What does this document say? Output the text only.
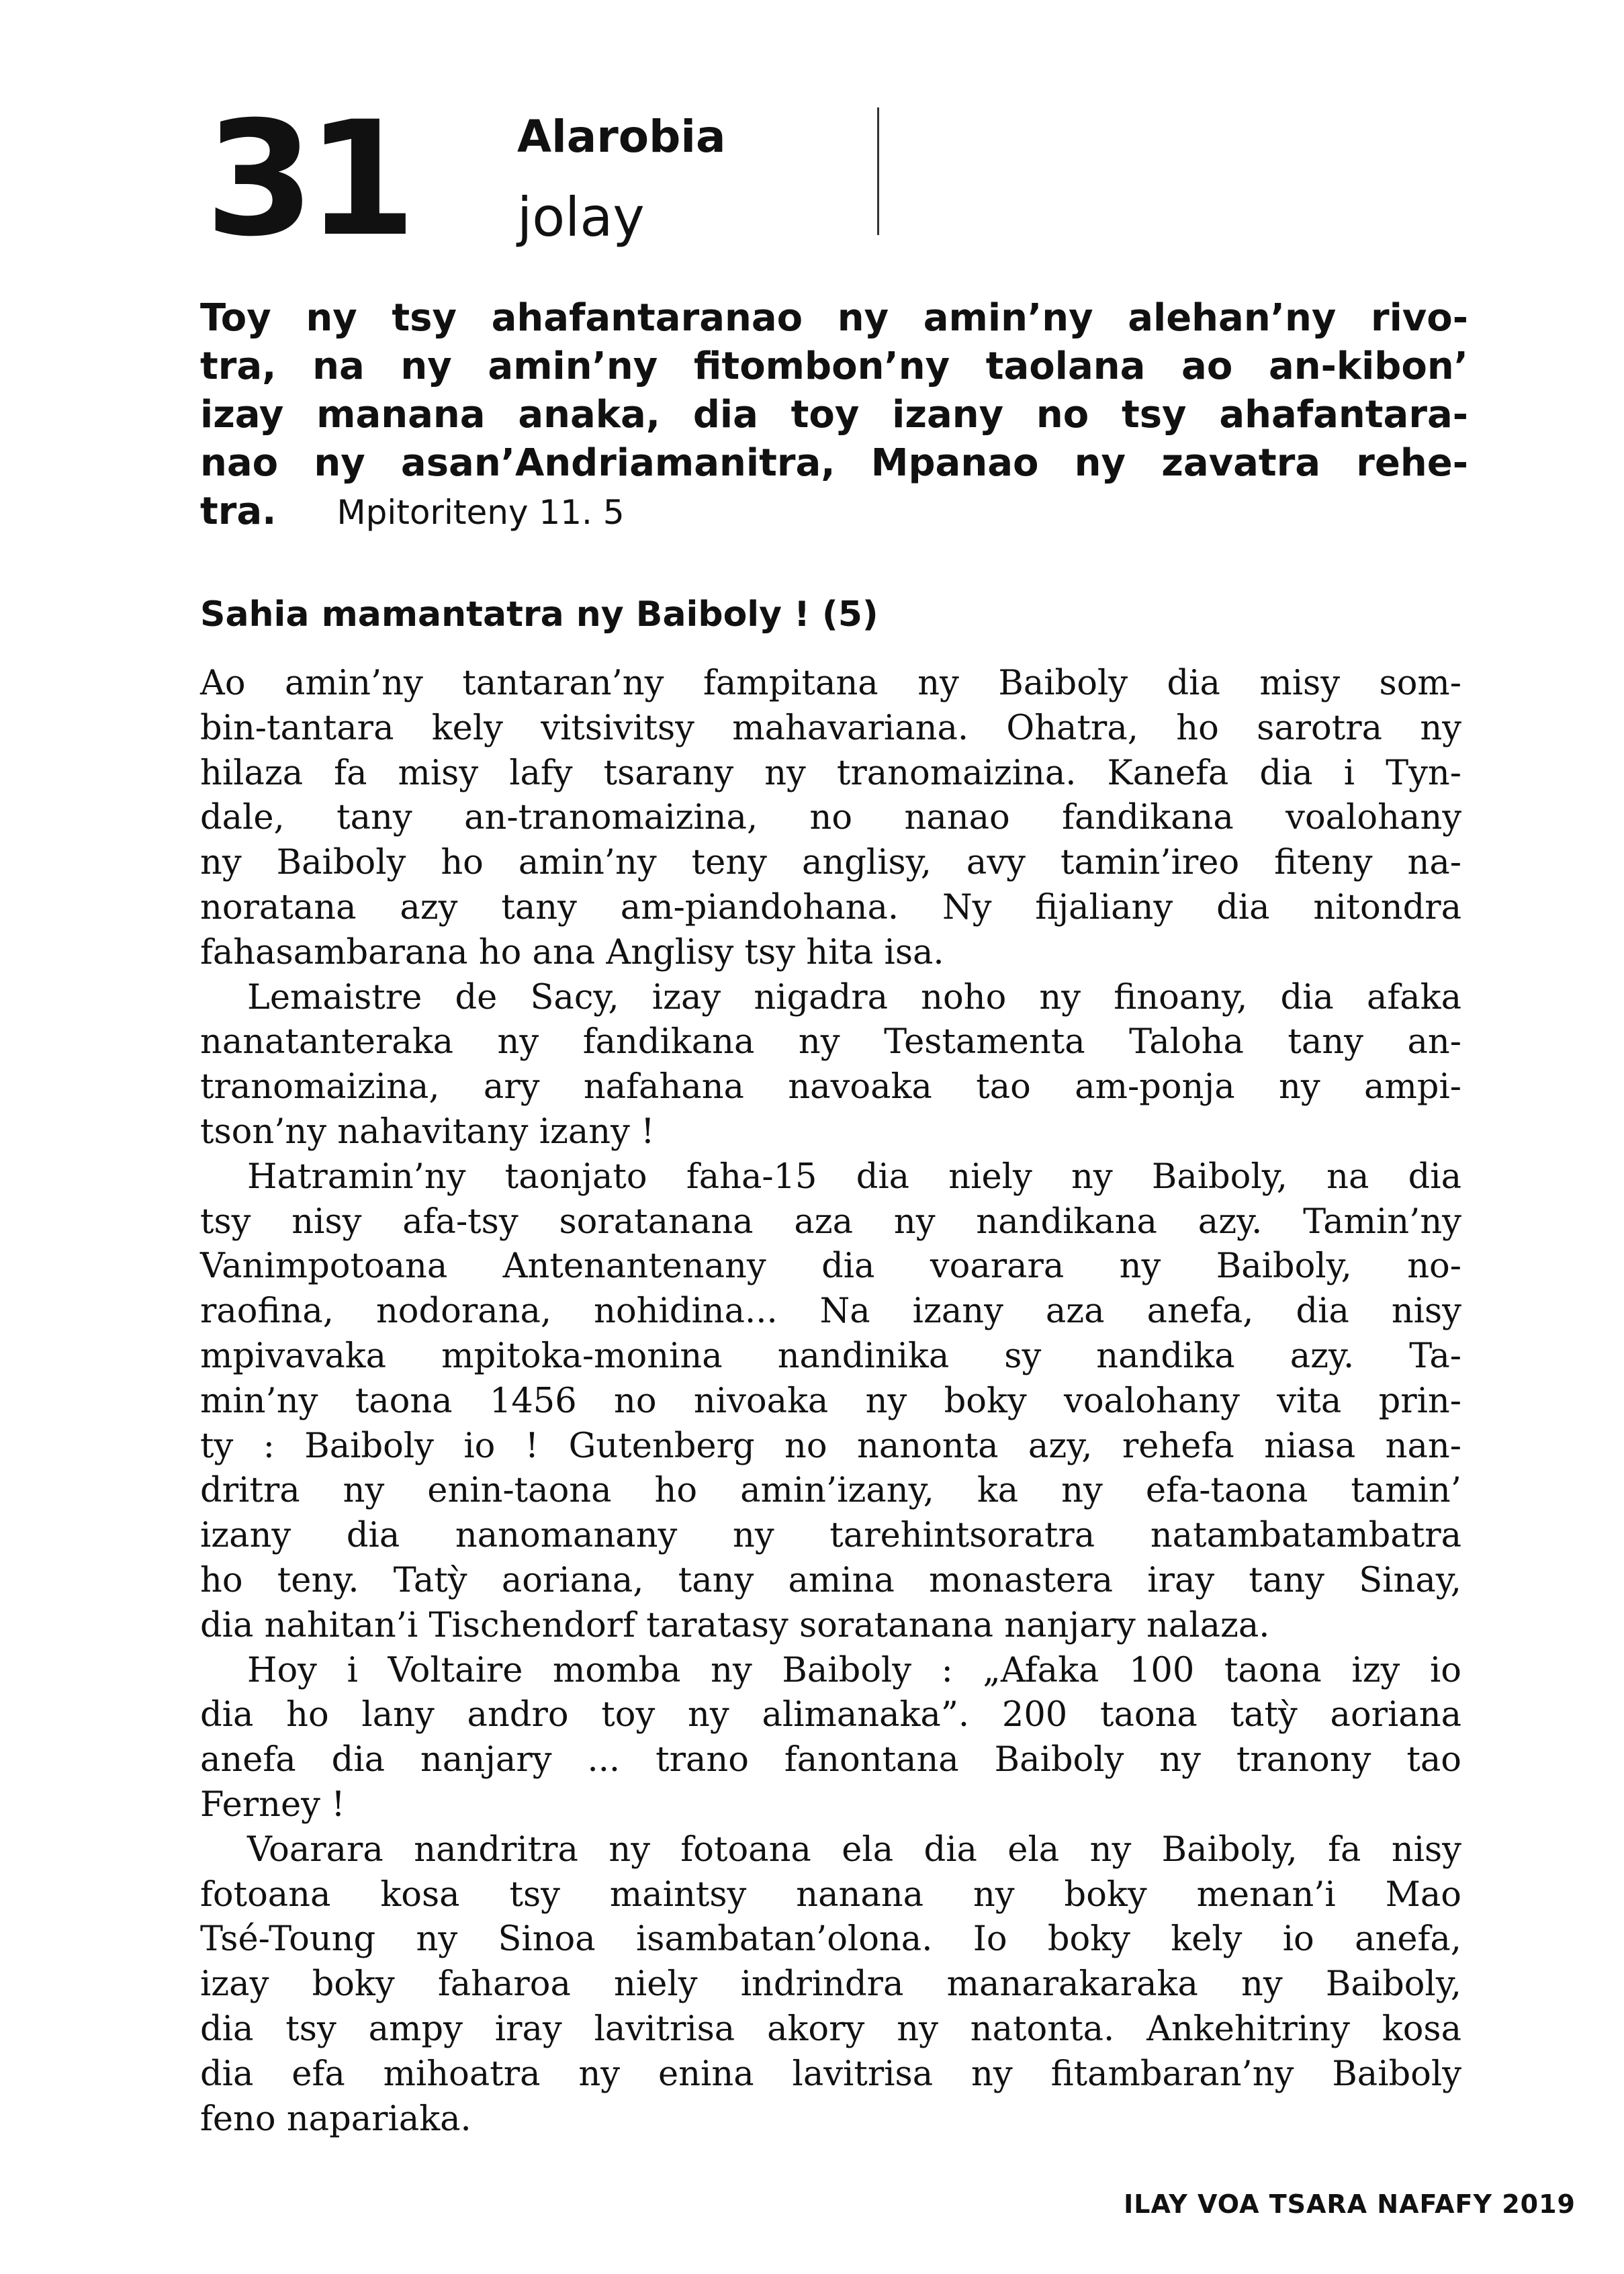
31 Alarobia
jolay
Toy ny tsy ahafantaranao ny amin’ny alehan’ny rivo-
tra, na ny amin’ny fitombon’ny taolana ao an-kibon’
izay manana anaka, dia toy izany no tsy ahafantara-
nao ny asan’Andriamanitra, Mpanao ny zavatra rehe-
tra. Mpitoriteny 11. 5
Sahia mamantatra ny Baiboly ! (5)

Ao amin’ny tantaran’ny fampitana ny Baiboly dia misy som-
bin-tantara kely vitsivitsy mahavariana. Ohatra, ho sarotra ny
hilaza fa misy lafy tsarany ny tranomaizina. Kanefa dia i Tyn-
dale, tany an-tranomaizina, no nanao fandikana voalohany
ny Baiboly ho amin’ny teny anglisy, avy tamin’ireo fiteny na-
noratana azy tany am-piandohana. Ny fijaliany dia nitondra
fahasambarana ho ana Anglisy tsy hita isa.

Lemaistre de Sacy, izay nigadra noho ny finoany, dia afaka
nanatanteraka ny fandikana ny Testamenta Taloha tany an-
tranomaizina, ary nafahana navoaka tao am-ponja ny ampi-
tson’ny nahavitany izany !

Hatramin’ny taonjato faha-15 dia niely ny Baiboly, na dia
tsy nisy afa-tsy soratanana aza ny nandikana azy. Tamin’ny
Vanimpotoana Antenantenany dia voarara ny Baiboly, no-
raofina, nodorana, nohidina... Na izany aza anefa, dia nisy
mpivavaka mpitoka-monina nandinika sy nandika azy. Ta-
min’ny taona 1456 no nivoaka ny boky voalohany vita prin-
ty : Baiboly io ! Gutenberg no nanonta azy, rehefa niasa nan-
dritra ny enin-taona ho amin’izany, ka ny efa-taona tamin’
izany dia nanomanany ny tarehintsoratra natambatambatra
ho teny. Tatỳ aoriana, tany amina monastera iray tany Sinay,
dia nahitan’i Tischendorf taratasy soratanana nanjary nalaza.

Hoy i Voltaire momba ny Baiboly : „Afaka 100 taona izy io
dia ho lany andro toy ny alimanaka”. 200 taona tatỳ aoriana
anefa dia nanjary ... trano fanontana Baiboly ny tranony tao
Ferney !

Voarara nandritra ny fotoana ela dia ela ny Baiboly, fa nisy
fotoana kosa tsy maintsy nanana ny boky menan’i Mao
Tsé-Toung ny Sinoa isambatan’olona. Io boky kely io anefa,
izay boky faharoa niely indrindra manarakaraka ny Baiboly,
dia tsy ampy iray lavitrisa akory ny natonta. Ankehitriny kosa
dia efa mihoatra ny enina lavitrisa ny fitambaran’ny Baiboly
feno napariaka.

ILAY VOA TSARA NAFAFY 2019
